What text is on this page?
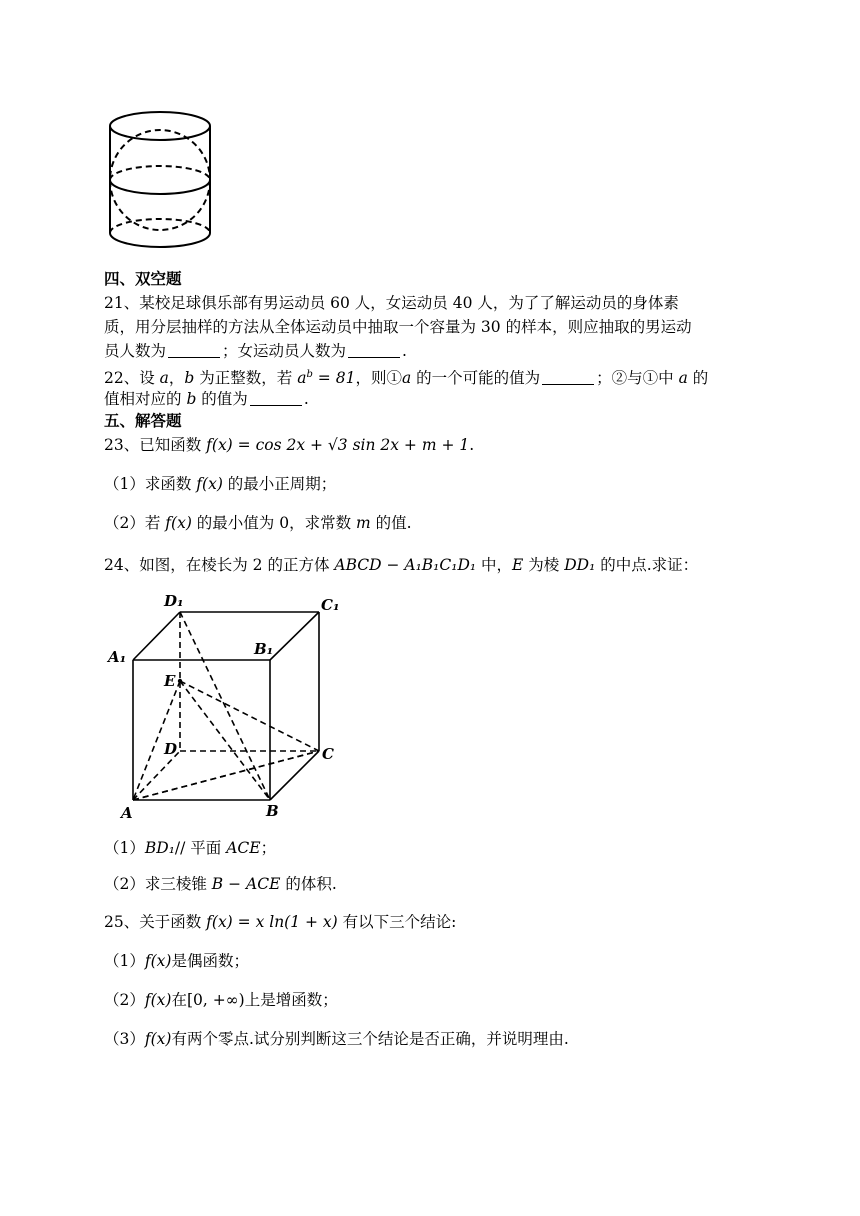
四、双空题
21、某校足球俱乐部有男运动员 60 人，女运动员 40 人，为了了解运动员的身体素
质，用分层抽样的方法从全体运动员中抽取一个容量为 30 的样本，则应抽取的男运动
员人数为	；女运动员人数为	.
22、设 a，b 为正整数，若 $a^b = 81$，则①a 的一个可能的值为	；②与①中 a 的
值相对应的 b 的值为	.
五、解答题
23、已知函数 f(x) = cos 2x + √3 sin 2x + m + 1.
（1）求函数 f(x) 的最小正周期；
（2）若 f(x) 的最小值为 0，求常数 m 的值.
24、如图，在棱长为 2 的正方体 ABCD − A₁B₁C₁D₁ 中，E 为棱 DD₁ 的中点.求证：
D₁	C₁
A₁	B₁
E
D	C
A	B
（1）BD₁// 平面 ACE；
（2）求三棱锥 B − ACE 的体积.
25、关于函数 f(x) = x ln(1 + x) 有以下三个结论:
（1）f(x)是偶函数；
（2）f(x)在[0, +∞)上是增函数；
（3）f(x)有两个零点.试分别判断这三个结论是否正确，并说明理由.
